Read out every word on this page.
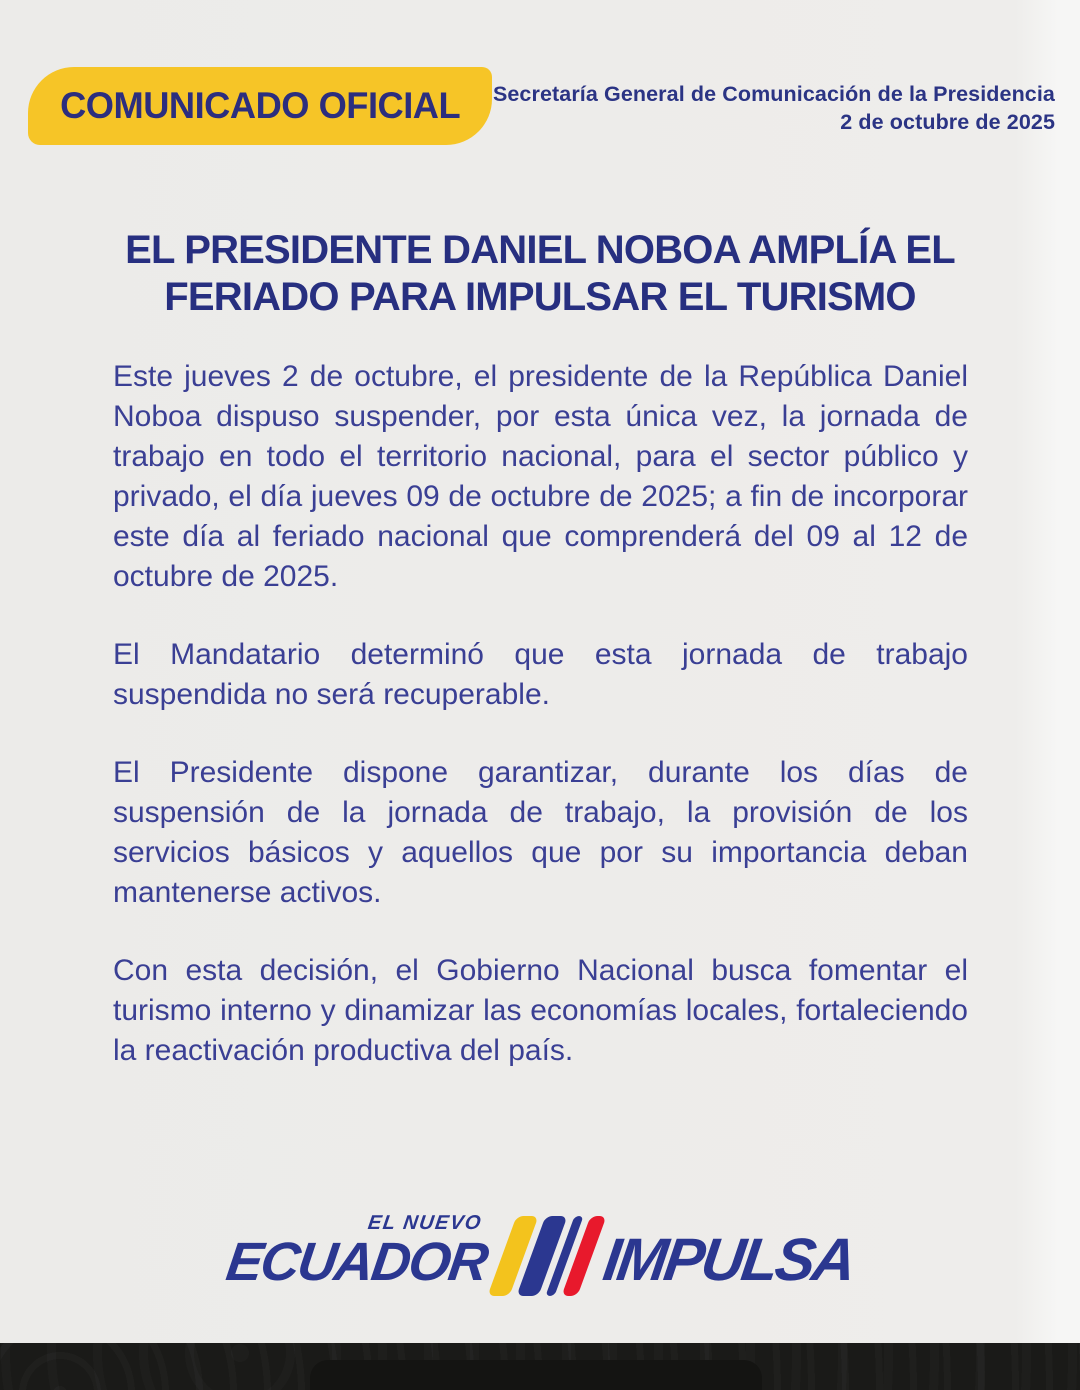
COMUNICADO OFICIAL Secretaría General de Comunicación de la Presidencia
2 de octubre de 2025
EL PRESIDENTE DANIEL NOBOA AMPLÍA EL
FERIADO PARA IMPULSAR EL TURISMO

Este jueves 2 de octubre, el presidente de la República Daniel Noboa dispuso suspender, por esta única vez, la jornada de trabajo en todo el territorio nacional, para el sector público y privado, el día jueves 09 de octubre de 2025; a fin de incorporar este día al feriado nacional que comprenderá del 09 al 12 de octubre de 2025.

El Mandatario determinó que esta jornada de trabajo suspendida no será recuperable.

El Presidente dispone garantizar, durante los días de suspensión de la jornada de trabajo, la provisión de los servicios básicos y aquellos que por su importancia deban mantenerse activos.

Con esta decisión, el Gobierno Nacional busca fomentar el turismo interno y dinamizar las economías locales, fortaleciendo la reactivación productiva del país.

EL NUEVO
ECUADOR IMPULSA
